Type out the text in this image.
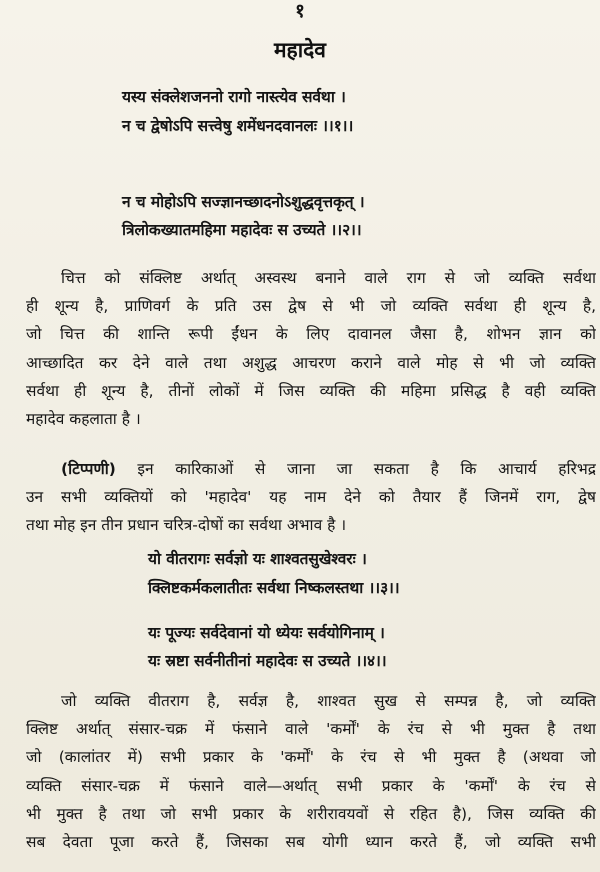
१
महादेव
यस्य संक्लेशजननो रागो नास्त्येव सर्वथा ।
न च द्वेषोऽपि सत्त्वेषु शमेंधनदवानलः ।।१।।
न च मोहोऽपि सज्ज्ञानच्छादनोऽशुद्धवृत्तकृत् ।
त्रिलोकख्यातमहिमा महादेवः स उच्यते ।।२।।
चित्त को संक्लिष्ट अर्थात् अस्वस्थ बनाने वाले राग से जो व्यक्ति सर्वथा
ही शून्य है, प्राणिवर्ग के प्रति उस द्वेष से भी जो व्यक्ति सर्वथा ही शून्य है,
जो चित्त की शान्ति रूपी ईंधन के लिए दावानल जैसा है, शोभन ज्ञान को
आच्छादित कर देने वाले तथा अशुद्ध आचरण कराने वाले मोह से भी जो व्यक्ति
सर्वथा ही शून्य है, तीनों लोकों में जिस व्यक्ति की महिमा प्रसिद्ध है वही व्यक्ति
महादेव कहलाता है ।
(टिप्पणी) इन कारिकाओं से जाना जा सकता है कि आचार्य हरिभद्र
उन सभी व्यक्तियों को 'महादेव' यह नाम देने को तैयार हैं जिनमें राग, द्वेष
तथा मोह इन तीन प्रधान चरित्र-दोषों का सर्वथा अभाव है ।
यो वीतरागः सर्वज्ञो यः शाश्वतसुखेश्वरः ।
क्लिष्टकर्मकलातीतः सर्वथा निष्कलस्तथा ।।३।।
यः पूज्यः सर्वदेवानां यो ध्येयः सर्वयोगिनाम् ।
यः स्रष्टा सर्वनीतीनां महादेवः स उच्यते ।।४।।
जो व्यक्ति वीतराग है, सर्वज्ञ है, शाश्वत सुख से सम्पन्न है, जो व्यक्ति
क्लिष्ट अर्थात् संसार-चक्र में फंसाने वाले 'कर्मों' के रंच से भी मुक्त है तथा
जो (कालांतर में) सभी प्रकार के 'कर्मों' के रंच से भी मुक्त है (अथवा जो
व्यक्ति संसार-चक्र में फंसाने वाले—अर्थात् सभी प्रकार के 'कर्मों' के रंच से
भी मुक्त है तथा जो सभी प्रकार के शरीरावयवों से रहित है), जिस व्यक्ति की
सब देवता पूजा करते हैं, जिसका सब योगी ध्यान करते हैं, जो व्यक्ति सभी
